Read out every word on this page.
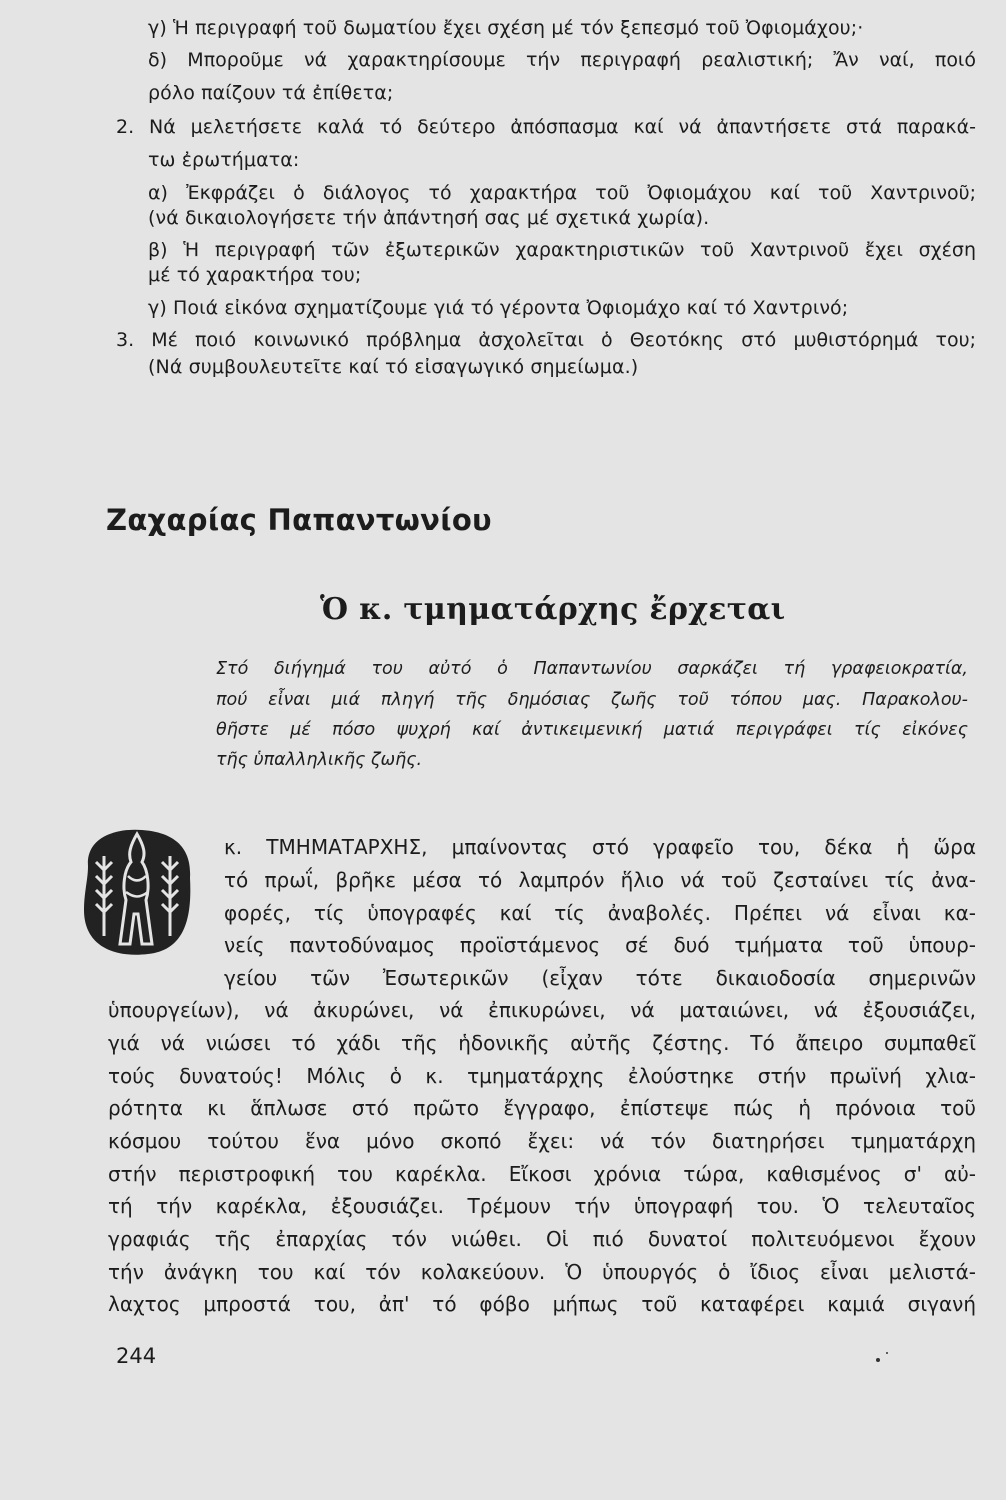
γ) Ἡ περιγραφή τοῦ δωματίου ἔχει σχέση μέ τόν ξεπεσμό τοῦ Ὀφιομάχου;·
δ) Μποροῦμε νά χαρακτηρίσουμε τήν περιγραφή ρεαλιστική; Ἄν ναί, ποιό
ρόλο παίζουν τά ἐπίθετα;
2. Νά μελετήσετε καλά τό δεύτερο ἀπόσπασμα καί νά ἀπαντήσετε στά παρακά-
τω ἐρωτήματα:
α) Ἐκφράζει ὁ διάλογος τό χαρακτήρα τοῦ Ὀφιομάχου καί τοῦ Χαντρινοῦ;
(νά δικαιολογήσετε τήν ἀπάντησή σας μέ σχετικά χωρία).
β) Ἡ περιγραφή τῶν ἐξωτερικῶν χαρακτηριστικῶν τοῦ Χαντρινοῦ ἔχει σχέση
μέ τό χαρακτήρα του;
γ) Ποιά εἰκόνα σχηματίζουμε γιά τό γέροντα Ὀφιομάχο καί τό Χαντρινό;
3. Μέ ποιό κοινωνικό πρόβλημα ἀσχολεῖται ὁ Θεοτόκης στό μυθιστόρημά του;
(Νά συμβουλευτεῖτε καί τό εἰσαγωγικό σημείωμα.)
Ζαχαρίας Παπαντωνίου
Ὁ κ. τμηματάρχης ἔρχεται
Στό διήγημά του αὐτό ὁ Παπαντωνίου σαρκάζει τή γραφειοκρατία,
πού εἶναι μιά πληγή τῆς δημόσιας ζωῆς τοῦ τόπου μας. Παρακολου-
θῆστε μέ πόσο ψυχρή καί ἀντικειμενική ματιά περιγράφει τίς εἰκόνες
τῆς ὑπαλληλικῆς ζωῆς.
κ. ΤΜΗΜΑΤΑΡΧΗΣ, μπαίνοντας στό γραφεῖο του, δέκα ἡ ὥρα
τό πρωΐ, βρῆκε μέσα τό λαμπρόν ἥλιο νά τοῦ ζεσταίνει τίς ἀνα-
φορές, τίς ὑπογραφές καί τίς ἀναβολές. Πρέπει νά εἶναι κα-
νείς παντοδύναμος προϊστάμενος σέ δυό τμήματα τοῦ ὑπουρ-
γείου τῶν Ἐσωτερικῶν (εἶχαν τότε δικαιοδοσία σημερινῶν
ὑπουργείων), νά ἀκυρώνει, νά ἐπικυρώνει, νά ματαιώνει, νά ἐξουσιάζει,
γιά νά νιώσει τό χάδι τῆς ἡδονικῆς αὐτῆς ζέστης. Τό ἄπειρο συμπαθεῖ
τούς δυνατούς! Μόλις ὁ κ. τμηματάρχης ἐλούστηκε στήν πρωϊνή χλια-
ρότητα κι ἅπλωσε στό πρῶτο ἔγγραφο, ἐπίστεψε πώς ἡ πρόνοια τοῦ
κόσμου τούτου ἕνα μόνο σκοπό ἔχει: νά τόν διατηρήσει τμηματάρχη
στήν περιστροφική του καρέκλα. Εἴκοσι χρόνια τώρα, καθισμένος σ' αὐ-
τή τήν καρέκλα, ἐξουσιάζει. Τρέμουν τήν ὑπογραφή του. Ὁ τελευταῖος
γραφιάς τῆς ἐπαρχίας τόν νιώθει. Οἱ πιό δυνατοί πολιτευόμενοι ἔχουν
τήν ἀνάγκη του καί τόν κολακεύουν. Ὁ ὑπουργός ὁ ἴδιος εἶναι μελιστά-
λαχτος μπροστά του, ἀπ' τό φόβο μήπως τοῦ καταφέρει καμιά σιγανή
244
